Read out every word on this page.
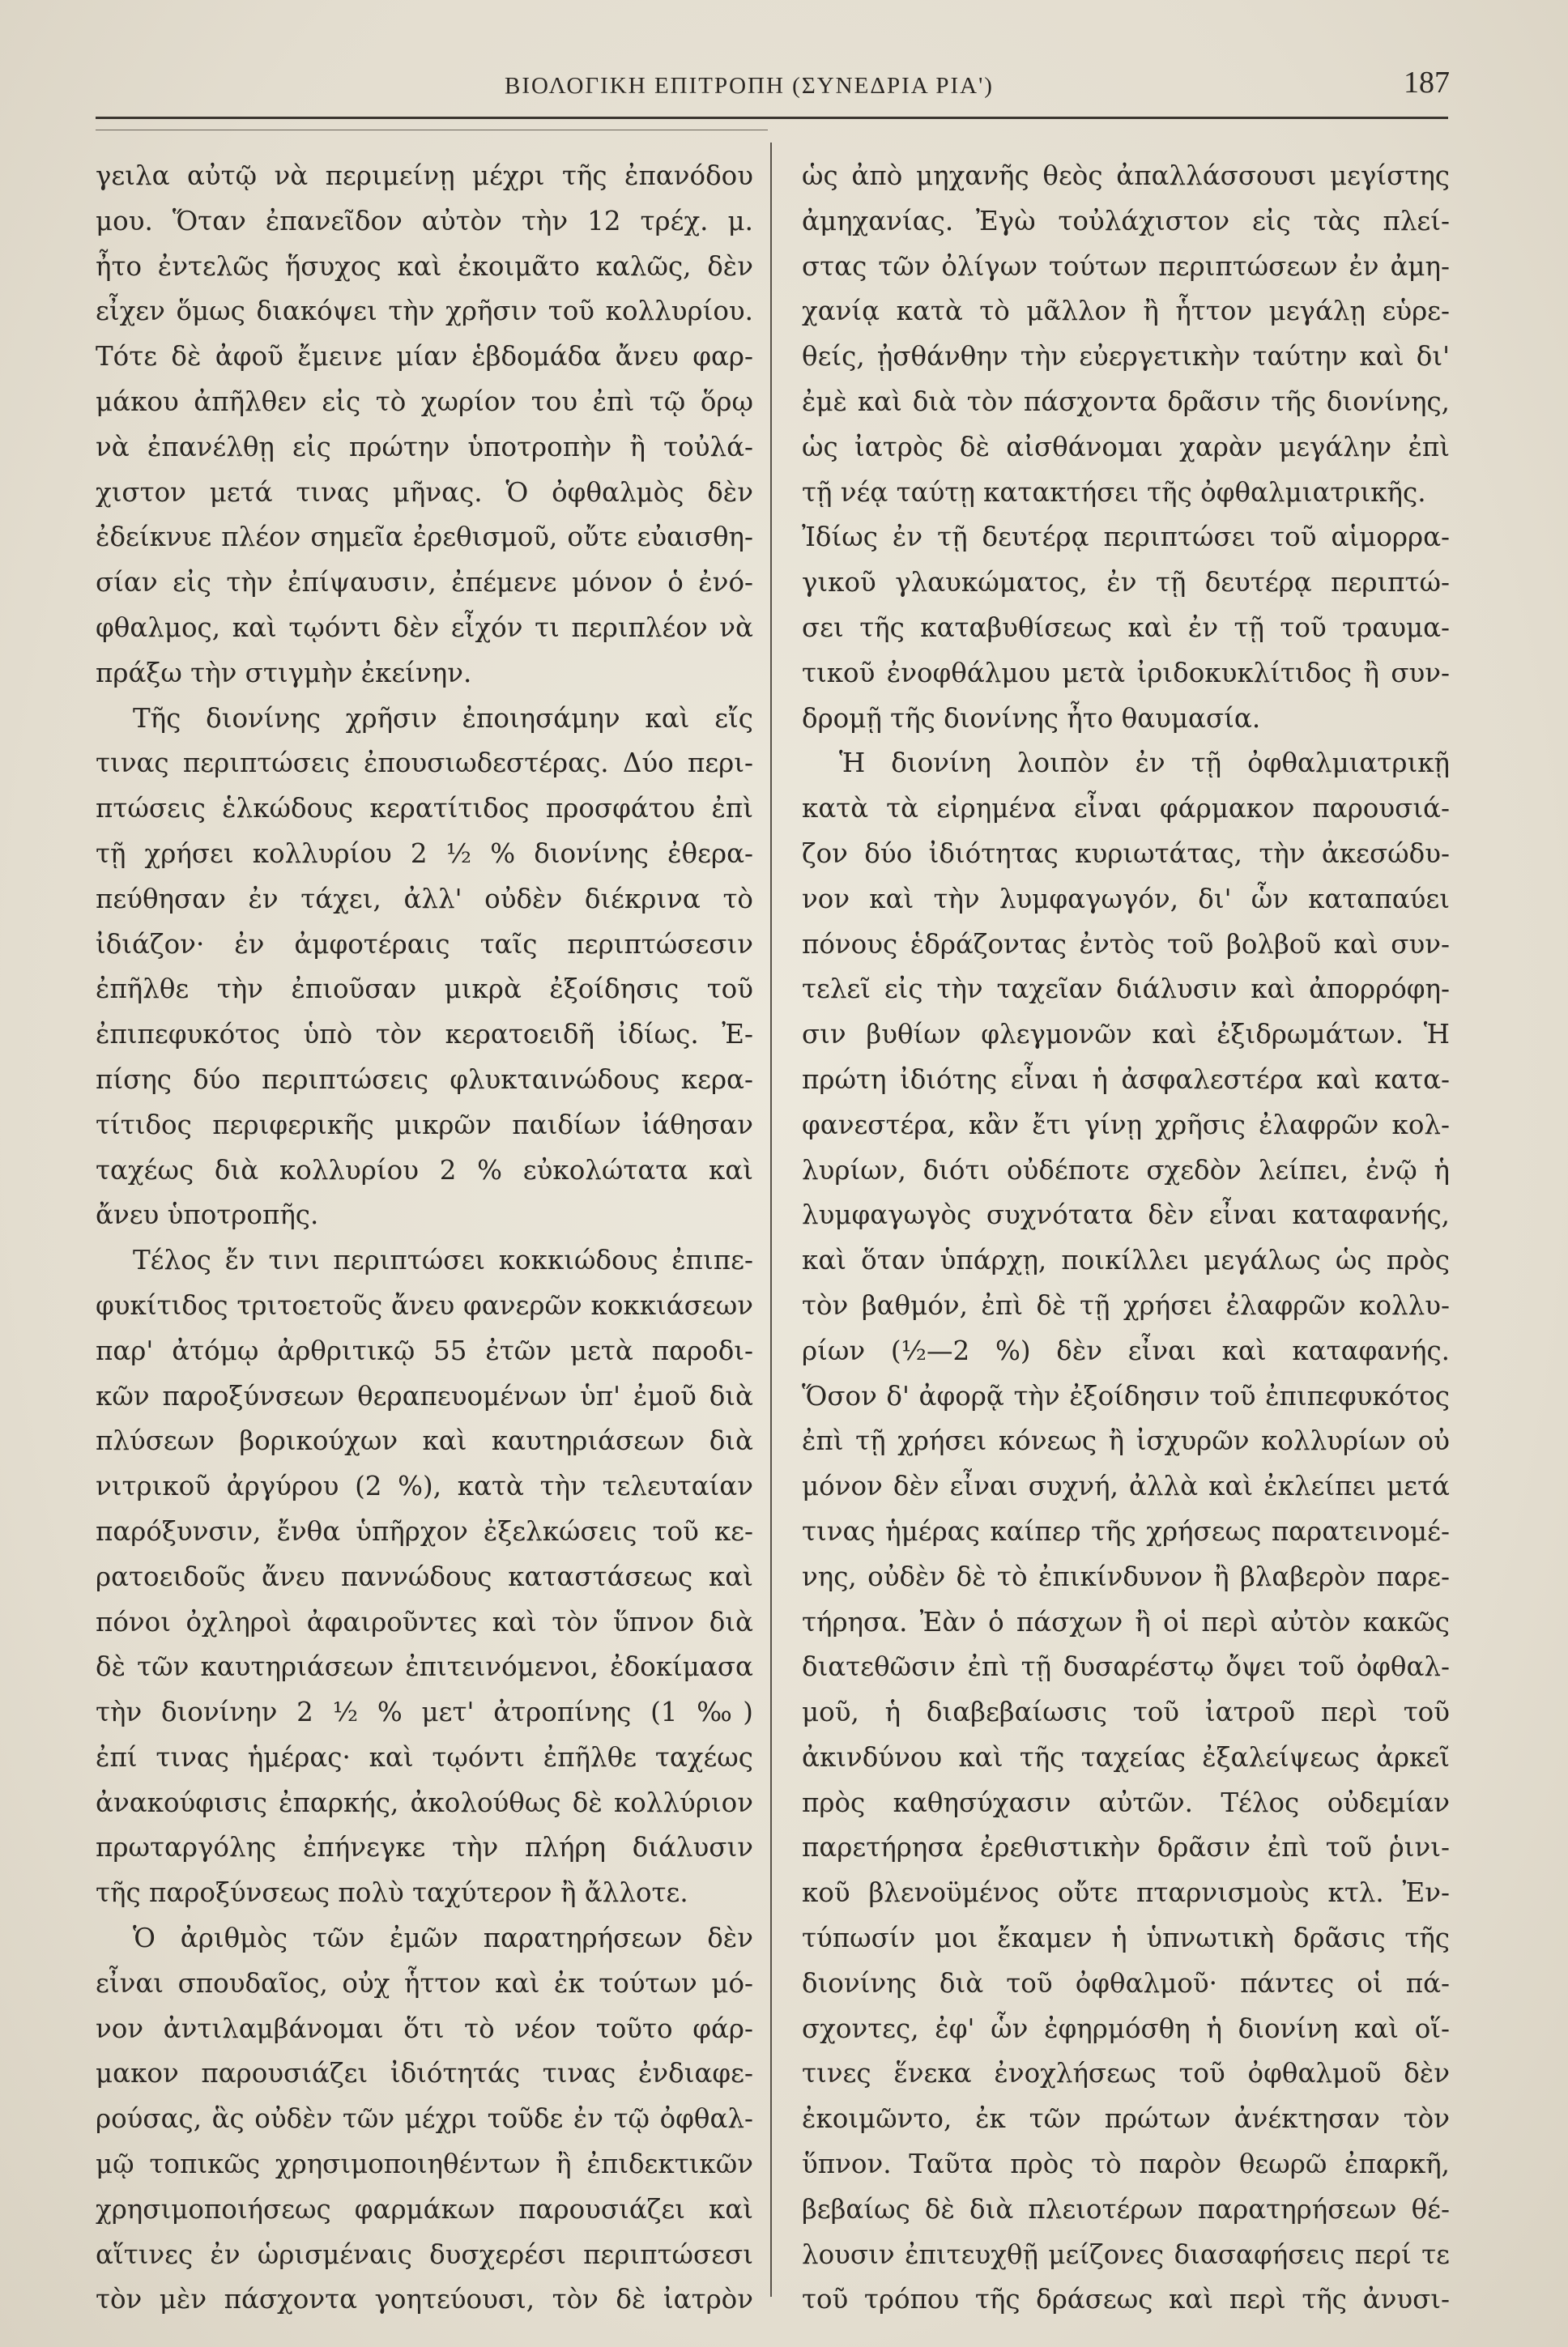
ΒΙΟΛΟΓΙΚΗ ΕΠΙΤΡΟΠΗ (ΣΥΝΕΔΡΙΑ ΡΙΑ')	187
γειλα αὐτῷ νὰ περιμείνῃ μέχρι τῆς ἐπανόδου
μου. Ὅταν ἐπανεῖδον αὐτὸν τὴν 12 τρέχ. μ.
ἦτο ἐντελῶς ἥσυχος καὶ ἐκοιμᾶτο καλῶς, δὲν
εἶχεν ὅμως διακόψει τὴν χρῆσιν τοῦ κολλυρίου.
Τότε δὲ ἀφοῦ ἔμεινε μίαν ἑβδομάδα ἄνευ φαρ-
μάκου ἀπῆλθεν εἰς τὸ χωρίον του ἐπὶ τῷ ὅρῳ
νὰ ἐπανέλθῃ εἰς πρώτην ὑποτροπὴν ἢ τοὐλά-
χιστον μετά τινας μῆνας. Ὁ ὀφθαλμὸς δὲν
ἐδείκνυε πλέον σημεῖα ἐρεθισμοῦ, οὔτε εὐαισθη-
σίαν εἰς τὴν ἐπίψαυσιν, ἐπέμενε μόνον ὁ ἐνό-
φθαλμος, καὶ τῳόντι δὲν εἶχόν τι περιπλέον νὰ
πράξω τὴν στιγμὴν ἐκείνην.
Τῆς διονίνης χρῆσιν ἐποιησάμην καὶ εἴς
τινας περιπτώσεις ἐπουσιωδεστέρας. Δύο περι-
πτώσεις ἑλκώδους κερατίτιδος προσφάτου ἐπὶ
τῇ χρήσει κολλυρίου 2 ½ % διονίνης ἐθερα-
πεύθησαν ἐν τάχει, ἀλλ' οὐδὲν διέκρινα τὸ
ἰδιάζον· ἐν ἀμφοτέραις ταῖς περιπτώσεσιν
ἐπῆλθε τὴν ἐπιοῦσαν μικρὰ ἐξοίδησις τοῦ
ἐπιπεφυκότος ὑπὸ τὸν κερατοειδῆ ἰδίως. Ἐ-
πίσης δύο περιπτώσεις φλυκταινώδους κερα-
τίτιδος περιφερικῆς μικρῶν παιδίων ἰάθησαν
ταχέως διὰ κολλυρίου 2 % εὐκολώτατα καὶ
ἄνευ ὑποτροπῆς.
Τέλος ἔν τινι περιπτώσει κοκκιώδους ἐπιπε-
φυκίτιδος τριτοετοῦς ἄνευ φανερῶν κοκκιάσεων
παρ' ἀτόμῳ ἀρθριτικῷ 55 ἐτῶν μετὰ παροδι-
κῶν παροξύνσεων θεραπευομένων ὑπ' ἐμοῦ διὰ
πλύσεων βορικούχων καὶ καυτηριάσεων διὰ
νιτρικοῦ ἀργύρου (2 %), κατὰ τὴν τελευταίαν
παρόξυνσιν, ἔνθα ὑπῆρχον ἐξελκώσεις τοῦ κε-
ρατοειδοῦς ἄνευ παννώδους καταστάσεως καὶ
πόνοι ὀχληροὶ ἀφαιροῦντες καὶ τὸν ὕπνον διὰ
δὲ τῶν καυτηριάσεων ἐπιτεινόμενοι, ἐδοκίμασα
τὴν διονίνην 2 ½ % μετ' ἀτροπίνης (1 ‰)
ἐπί τινας ἡμέρας· καὶ τῳόντι ἐπῆλθε ταχέως
ἀνακούφισις ἐπαρκής, ἀκολούθως δὲ κολλύριον
πρωταργόλης ἐπήνεγκε τὴν πλήρη διάλυσιν
τῆς παροξύνσεως πολὺ ταχύτερον ἢ ἄλλοτε.
Ὁ ἀριθμὸς τῶν ἐμῶν παρατηρήσεων δὲν
εἶναι σπουδαῖος, οὐχ ἧττον καὶ ἐκ τούτων μό-
νον ἀντιλαμβάνομαι ὅτι τὸ νέον τοῦτο φάρ-
μακον παρουσιάζει ἰδιότητάς τινας ἐνδιαφε-
ρούσας, ἃς οὐδὲν τῶν μέχρι τοῦδε ἐν τῷ ὀφθαλ-
μῷ τοπικῶς χρησιμοποιηθέντων ἢ ἐπιδεκτικῶν
χρησιμοποιήσεως φαρμάκων παρουσιάζει καὶ
αἵτινες ἐν ὡρισμέναις δυσχερέσι περιπτώσεσι
τὸν μὲν πάσχοντα γοητεύουσι, τὸν δὲ ἰατρὸν
ὡς ἀπὸ μηχανῆς θεὸς ἀπαλλάσσουσι μεγίστης
ἀμηχανίας. Ἐγὼ τοὐλάχιστον εἰς τὰς πλεί-
στας τῶν ὀλίγων τούτων περιπτώσεων ἐν ἀμη-
χανίᾳ κατὰ τὸ μᾶλλον ἢ ἧττον μεγάλῃ εὑρε-
θείς, ᾐσθάνθην τὴν εὐεργετικὴν ταύτην καὶ δι'
ἐμὲ καὶ διὰ τὸν πάσχοντα δρᾶσιν τῆς διονίνης,
ὡς ἰατρὸς δὲ αἰσθάνομαι χαρὰν μεγάλην ἐπὶ
τῇ νέᾳ ταύτῃ κατακτήσει τῆς ὀφθαλμιατρικῆς.
Ἰδίως ἐν τῇ δευτέρᾳ περιπτώσει τοῦ αἱμορρα-
γικοῦ γλαυκώματος, ἐν τῇ δευτέρᾳ περιπτώ-
σει τῆς καταβυθίσεως καὶ ἐν τῇ τοῦ τραυμα-
τικοῦ ἐνοφθάλμου μετὰ ἰριδοκυκλίτιδος ἢ συν-
δρομῇ τῆς διονίνης ἦτο θαυμασία.
Ἡ διονίνη λοιπὸν ἐν τῇ ὀφθαλμιατρικῇ
κατὰ τὰ εἰρημένα εἶναι φάρμακον παρουσιά-
ζον δύο ἰδιότητας κυριωτάτας, τὴν ἀκεσώδυ-
νον καὶ τὴν λυμφαγωγόν, δι' ὧν καταπαύει
πόνους ἑδράζοντας ἐντὸς τοῦ βολβοῦ καὶ συν-
τελεῖ εἰς τὴν ταχεῖαν διάλυσιν καὶ ἀπορρόφη-
σιν βυθίων φλεγμονῶν καὶ ἐξιδρωμάτων. Ἡ
πρώτη ἰδιότης εἶναι ἡ ἀσφαλεστέρα καὶ κατα-
φανεστέρα, κἂν ἔτι γίνῃ χρῆσις ἐλαφρῶν κολ-
λυρίων, διότι οὐδέποτε σχεδὸν λείπει, ἐνῷ ἡ
λυμφαγωγὸς συχνότατα δὲν εἶναι καταφανής,
καὶ ὅταν ὑπάρχῃ, ποικίλλει μεγάλως ὡς πρὸς
τὸν βαθμόν, ἐπὶ δὲ τῇ χρήσει ἐλαφρῶν κολλυ-
ρίων (½—2 %) δὲν εἶναι καὶ καταφανής.
Ὅσον δ' ἀφορᾷ τὴν ἐξοίδησιν τοῦ ἐπιπεφυκότος
ἐπὶ τῇ χρήσει κόνεως ἢ ἰσχυρῶν κολλυρίων οὐ
μόνον δὲν εἶναι συχνή, ἀλλὰ καὶ ἐκλείπει μετά
τινας ἡμέρας καίπερ τῆς χρήσεως παρατεινομέ-
νης, οὐδὲν δὲ τὸ ἐπικίνδυνον ἢ βλαβερὸν παρε-
τήρησα. Ἐὰν ὁ πάσχων ἢ οἱ περὶ αὐτὸν κακῶς
διατεθῶσιν ἐπὶ τῇ δυσαρέστῳ ὄψει τοῦ ὀφθαλ-
μοῦ, ἡ διαβεβαίωσις τοῦ ἰατροῦ περὶ τοῦ
ἀκινδύνου καὶ τῆς ταχείας ἐξαλείψεως ἀρκεῖ
πρὸς καθησύχασιν αὐτῶν. Τέλος οὐδεμίαν
παρετήρησα ἐρεθιστικὴν δρᾶσιν ἐπὶ τοῦ ῥινι-
κοῦ βλενοϋμένος οὔτε πταρνισμοὺς κτλ. Ἐν-
τύπωσίν μοι ἔκαμεν ἡ ὑπνωτικὴ δρᾶσις τῆς
διονίνης διὰ τοῦ ὀφθαλμοῦ· πάντες οἱ πά-
σχοντες, ἐφ' ὧν ἐφηρμόσθη ἡ διονίνη καὶ οἵ-
τινες ἕνεκα ἐνοχλήσεως τοῦ ὀφθαλμοῦ δὲν
ἐκοιμῶντο, ἐκ τῶν πρώτων ἀνέκτησαν τὸν
ὕπνον. Ταῦτα πρὸς τὸ παρὸν θεωρῶ ἐπαρκῆ,
βεβαίως δὲ διὰ πλειοτέρων παρατηρήσεων θέ-
λουσιν ἐπιτευχθῇ μείζονες διασαφήσεις περί τε
τοῦ τρόπου τῆς δράσεως καὶ περὶ τῆς ἀνυσι-
